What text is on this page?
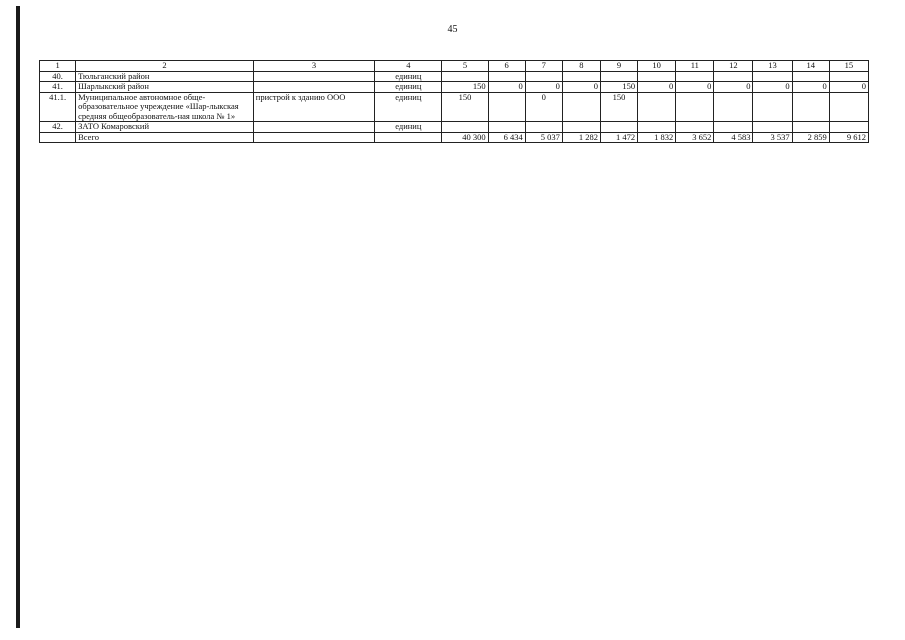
45
1	2	3	4	5	6	7	8	9	10	11	12	13	14	15
40.	Тюльганский район		единиц											
41.	Шарлыкский район		единиц	150	0	0	0	150	0	0	0	0	0	0
41.1.	Муниципальное автономное обще-образовательное учреждение «Шар-лыкская средняя общеобразователь-ная школа № 1»	пристрой к зданию ООО	единиц	150		0		150						
42.	ЗАТО Комаровский		единиц											
	Всего			40 300	6 434	5 037	1 282	1 472	1 832	3 652	4 583	3 537	2 859	9 612
